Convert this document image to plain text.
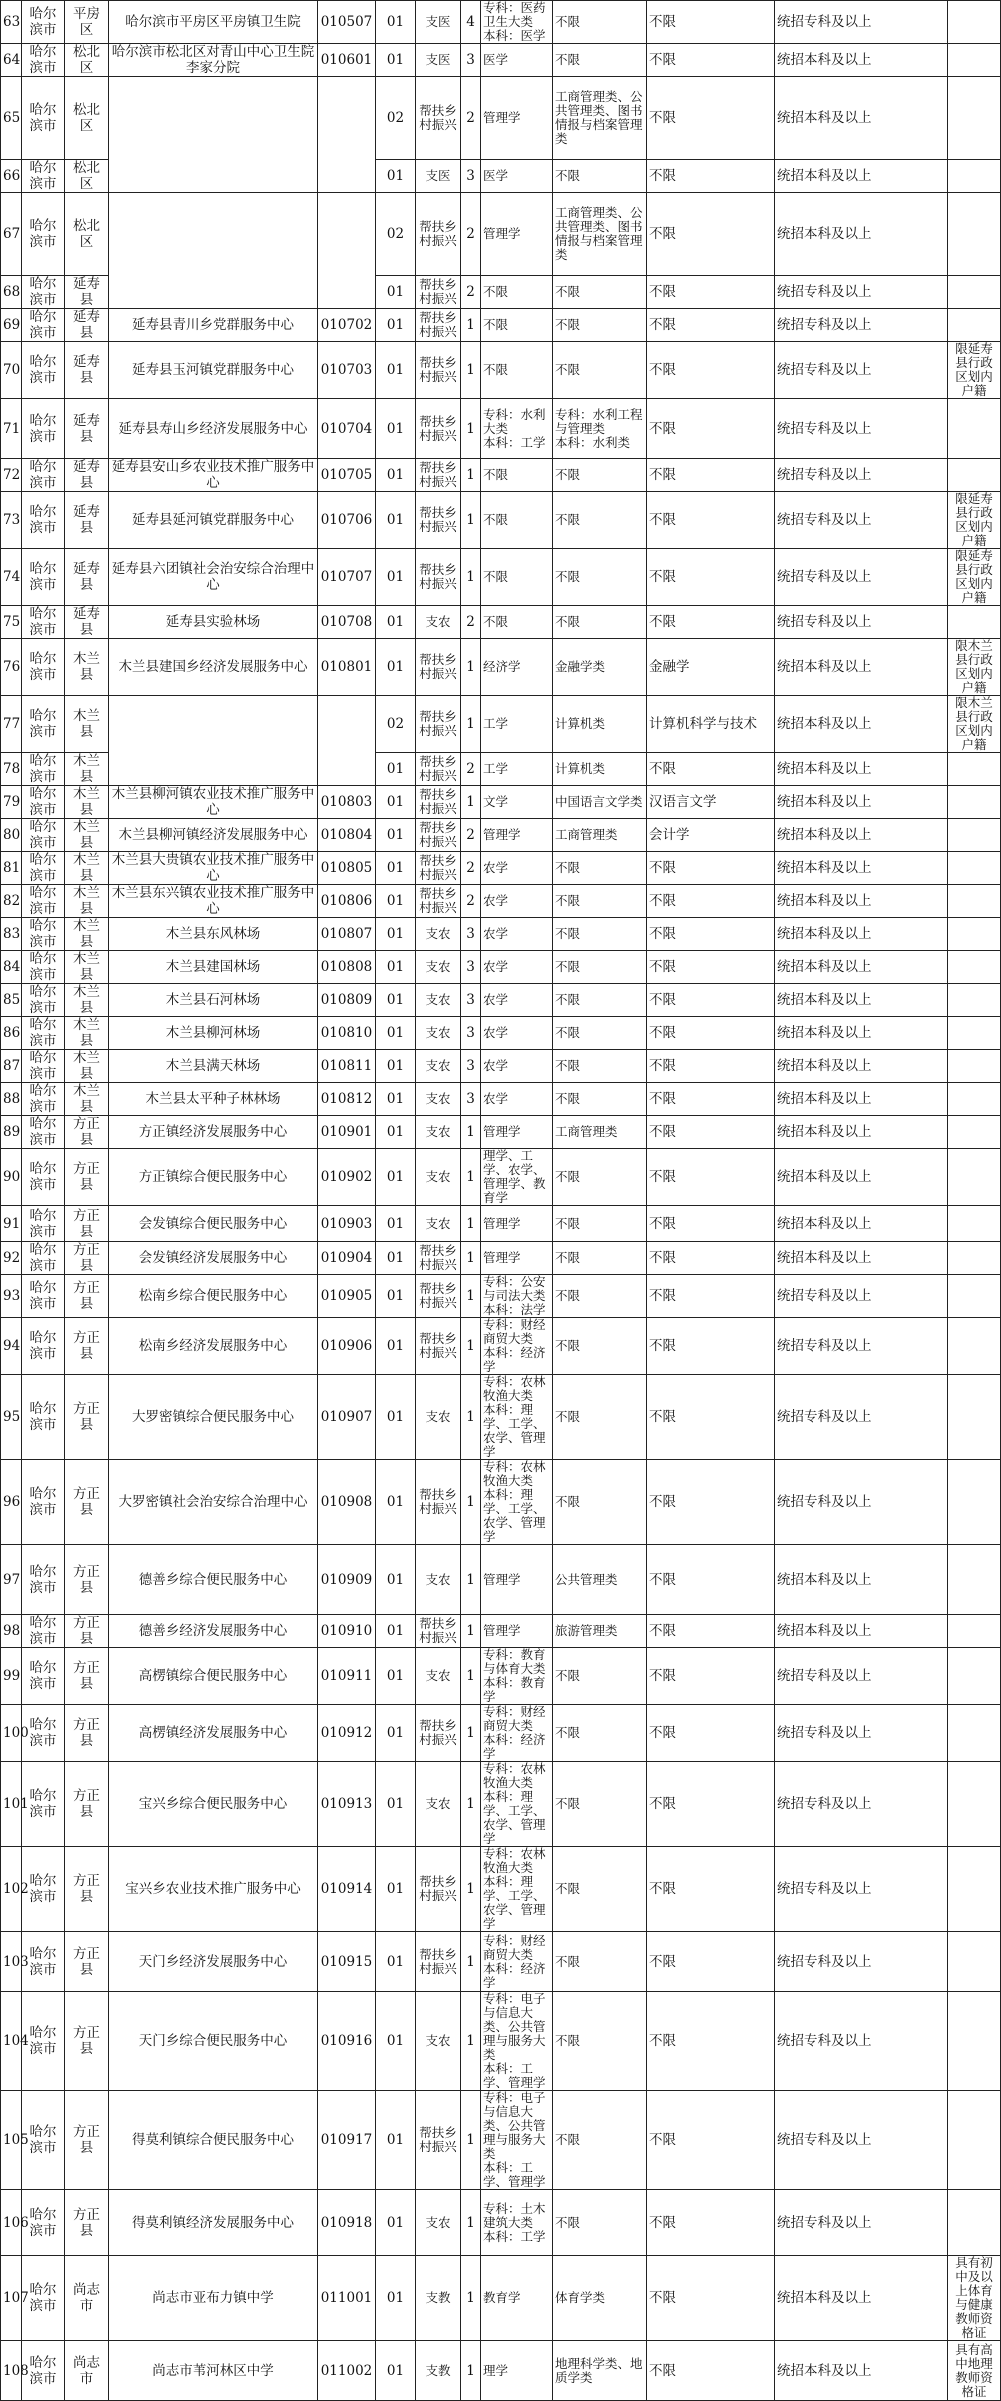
63	哈尔滨市	平房区	哈尔滨市平房区平房镇卫生院	010507	01	支医	4	专科：医药卫生大类
本科：医学	不限	不限	统招专科及以上	
64	哈尔滨市	松北区	哈尔滨市松北区对青山中心卫生院李家分院	010601	01	支医	3	医学	不限	不限	统招本科及以上	
65	哈尔滨市	松北区			02	帮扶乡村振兴	2	管理学	工商管理类、公共管理类、图书情报与档案管理类	不限	统招本科及以上	
66	哈尔滨市	松北区			01	支医	3	医学	不限	不限	统招本科及以上	
67	哈尔滨市	松北区			02	帮扶乡村振兴	2	管理学	工商管理类、公共管理类、图书情报与档案管理类	不限	统招本科及以上	
68	哈尔滨市	延寿县			01	帮扶乡村振兴	2	不限	不限	不限	统招专科及以上	
69	哈尔滨市	延寿县	延寿县青川乡党群服务中心	010702	01	帮扶乡村振兴	1	不限	不限	不限	统招专科及以上	
70	哈尔滨市	延寿县	延寿县玉河镇党群服务中心	010703	01	帮扶乡村振兴	1	不限	不限	不限	统招专科及以上	限延寿县行政区划内户籍
71	哈尔滨市	延寿县	延寿县寿山乡经济发展服务中心	010704	01	帮扶乡村振兴	1	专科：水利大类
本科：工学	专科：水利工程与管理类
本科：水利类	不限	统招专科及以上	
72	哈尔滨市	延寿县	延寿县安山乡农业技术推广服务中心	010705	01	帮扶乡村振兴	1	不限	不限	不限	统招专科及以上	
73	哈尔滨市	延寿县	延寿县延河镇党群服务中心	010706	01	帮扶乡村振兴	1	不限	不限	不限	统招专科及以上	限延寿县行政区划内户籍
74	哈尔滨市	延寿县	延寿县六团镇社会治安综合治理中心	010707	01	帮扶乡村振兴	1	不限	不限	不限	统招专科及以上	限延寿县行政区划内户籍
75	哈尔滨市	延寿县	延寿县实验林场	010708	01	支农	2	不限	不限	不限	统招专科及以上	
76	哈尔滨市	木兰县	木兰县建国乡经济发展服务中心	010801	01	帮扶乡村振兴	1	经济学	金融学类	金融学	统招本科及以上	限木兰县行政区划内户籍
77	哈尔滨市	木兰县			02	帮扶乡村振兴	1	工学	计算机类	计算机科学与技术	统招本科及以上	限木兰县行政区划内户籍
78	哈尔滨市	木兰县			01	帮扶乡村振兴	2	工学	计算机类	不限	统招本科及以上	
79	哈尔滨市	木兰县	木兰县柳河镇农业技术推广服务中心	010803	01	帮扶乡村振兴	1	文学	中国语言文学类	汉语言文学	统招本科及以上	
80	哈尔滨市	木兰县	木兰县柳河镇经济发展服务中心	010804	01	帮扶乡村振兴	2	管理学	工商管理类	会计学	统招本科及以上	
81	哈尔滨市	木兰县	木兰县大贵镇农业技术推广服务中心	010805	01	帮扶乡村振兴	2	农学	不限	不限	统招本科及以上	
82	哈尔滨市	木兰县	木兰县东兴镇农业技术推广服务中心	010806	01	帮扶乡村振兴	2	农学	不限	不限	统招本科及以上	
83	哈尔滨市	木兰县	木兰县东风林场	010807	01	支农	3	农学	不限	不限	统招本科及以上	
84	哈尔滨市	木兰县	木兰县建国林场	010808	01	支农	3	农学	不限	不限	统招本科及以上	
85	哈尔滨市	木兰县	木兰县石河林场	010809	01	支农	3	农学	不限	不限	统招本科及以上	
86	哈尔滨市	木兰县	木兰县柳河林场	010810	01	支农	3	农学	不限	不限	统招本科及以上	
87	哈尔滨市	木兰县	木兰县满天林场	010811	01	支农	3	农学	不限	不限	统招本科及以上	
88	哈尔滨市	木兰县	木兰县太平种子林林场	010812	01	支农	3	农学	不限	不限	统招本科及以上	
89	哈尔滨市	方正县	方正镇经济发展服务中心	010901	01	支农	1	管理学	工商管理类	不限	统招本科及以上	
90	哈尔滨市	方正县	方正镇综合便民服务中心	010902	01	支农	1	理学、工学、农学、管理学、教育学	不限	不限	统招本科及以上	
91	哈尔滨市	方正县	会发镇综合便民服务中心	010903	01	支农	1	管理学	不限	不限	统招本科及以上	
92	哈尔滨市	方正县	会发镇经济发展服务中心	010904	01	帮扶乡村振兴	1	管理学	不限	不限	统招本科及以上	
93	哈尔滨市	方正县	松南乡综合便民服务中心	010905	01	帮扶乡村振兴	1	专科：公安与司法大类
本科：法学	不限	不限	统招专科及以上	
94	哈尔滨市	方正县	松南乡经济发展服务中心	010906	01	帮扶乡村振兴	1	专科：财经商贸大类
本科：经济学	不限	不限	统招专科及以上	
95	哈尔滨市	方正县	大罗密镇综合便民服务中心	010907	01	支农	1	专科：农林牧渔大类
本科：理学、工学、农学、管理学	不限	不限	统招专科及以上	
96	哈尔滨市	方正县	大罗密镇社会治安综合治理中心	010908	01	帮扶乡村振兴	1	专科：农林牧渔大类
本科：理学、工学、农学、管理学	不限	不限	统招专科及以上	
97	哈尔滨市	方正县	德善乡综合便民服务中心	010909	01	支农	1	管理学	公共管理类	不限	统招本科及以上	
98	哈尔滨市	方正县	德善乡经济发展服务中心	010910	01	帮扶乡村振兴	1	管理学	旅游管理类	不限	统招本科及以上	
99	哈尔滨市	方正县	高楞镇综合便民服务中心	010911	01	支农	1	专科：教育与体育大类
本科：教育学	不限	不限	统招专科及以上	
100	哈尔滨市	方正县	高楞镇经济发展服务中心	010912	01	帮扶乡村振兴	1	专科：财经商贸大类
本科：经济学	不限	不限	统招专科及以上	
101	哈尔滨市	方正县	宝兴乡综合便民服务中心	010913	01	支农	1	专科：农林牧渔大类
本科：理学、工学、农学、管理学	不限	不限	统招专科及以上	
102	哈尔滨市	方正县	宝兴乡农业技术推广服务中心	010914	01	帮扶乡村振兴	1	专科：农林牧渔大类
本科：理学、工学、农学、管理学	不限	不限	统招专科及以上	
103	哈尔滨市	方正县	天门乡经济发展服务中心	010915	01	帮扶乡村振兴	1	专科：财经商贸大类
本科：经济学	不限	不限	统招专科及以上	
104	哈尔滨市	方正县	天门乡综合便民服务中心	010916	01	支农	1	专科：电子与信息大类、公共管理与服务大类
本科：工学、管理学	不限	不限	统招专科及以上	
105	哈尔滨市	方正县	得莫利镇综合便民服务中心	010917	01	帮扶乡村振兴	1	专科：电子与信息大类、公共管理与服务大类
本科：工学、管理学	不限	不限	统招专科及以上	
106	哈尔滨市	方正县	得莫利镇经济发展服务中心	010918	01	支农	1	专科：土木建筑大类
本科：工学	不限	不限	统招专科及以上	
107	哈尔滨市	尚志市	尚志市亚布力镇中学	011001	01	支教	1	教育学	体育学类	不限	统招本科及以上	具有初中及以上体育与健康教师资格证
108	哈尔滨市	尚志市	尚志市苇河林区中学	011002	01	支教	1	理学	地理科学类、地质学类	不限	统招本科及以上	具有高中地理教师资格证
